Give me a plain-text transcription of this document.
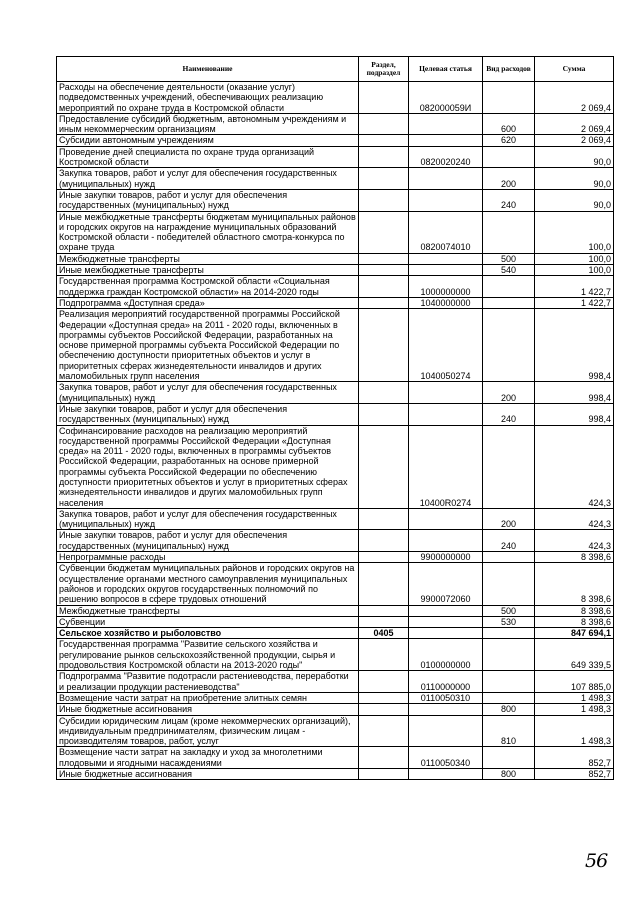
Наименование	Раздел, подраздел	Целевая статья	Вид расходов	Сумма
Расходы на обеспечение деятельности (оказание услуг) подведомственных учреждений, обеспечивающих реализацию мероприятий по охране труда в Костромской области		082000059И		2 069,4
Предоставление субсидий бюджетным, автономным учреждениям и иным некоммерческим организациям			600	2 069,4
Субсидии автономным учреждениям			620	2 069,4
Проведение дней специалиста по охране труда организаций Костромской области		0820020240		90,0
Закупка товаров, работ и услуг для обеспечения государственных (муниципальных) нужд			200	90,0
Иные закупки товаров, работ и услуг для обеспечения государственных (муниципальных) нужд			240	90,0
Иные межбюджетные трансферты бюджетам муниципальных районов и городских округов на награждение муниципальных образований Костромской области - победителей областного смотра-конкурса по охране труда		0820074010		100,0
Межбюджетные трансферты			500	100,0
Иные межбюджетные трансферты			540	100,0
Государственная программа Костромской области «Социальная поддержка граждан Костромской области» на 2014-2020 годы		1000000000		1 422,7
Подпрограмма «Доступная среда»		1040000000		1 422,7
Реализация мероприятий государственной программы Российской Федерации «Доступная среда» на 2011 - 2020 годы, включенных в программы субъектов Российской Федерации, разработанных на основе примерной программы субъекта Российской Федерации по обеспечению доступности приоритетных объектов и услуг в приоритетных сферах жизнедеятельности инвалидов и других маломобильных групп населения		1040050274		998,4
Закупка товаров, работ и услуг для обеспечения государственных (муниципальных) нужд			200	998,4
Иные закупки товаров, работ и услуг для обеспечения государственных (муниципальных) нужд			240	998,4
Софинансирование расходов на реализацию мероприятий государственной программы Российской Федерации «Доступная среда» на 2011 - 2020 годы, включенных в программы субъектов Российской Федерации, разработанных на основе примерной программы субъекта Российской Федерации по обеспечению доступности приоритетных объектов и услуг в приоритетных сферах жизнедеятельности инвалидов и других маломобильных групп населения		10400R0274		424,3
Закупка товаров, работ и услуг для обеспечения государственных (муниципальных) нужд			200	424,3
Иные закупки товаров, работ и услуг для обеспечения государственных (муниципальных) нужд			240	424,3
Непрограммные расходы		9900000000		8 398,6
Субвенции бюджетам муниципальных районов и городских округов на осуществление органами местного самоуправления муниципальных районов и городских округов государственных полномочий по решению вопросов в сфере трудовых отношений		9900072060		8 398,6
Межбюджетные трансферты			500	8 398,6
Субвенции			530	8 398,6
Сельское хозяйство и рыболовство	0405			847 694,1
Государственная программа "Развитие сельского хозяйства и регулирование рынков сельскохозяйственной продукции, сырья и продовольствия Костромской области на 2013-2020 годы"		0100000000		649 339,5
Подпрограмма "Развитие подотрасли растениеводства, переработки и реализации продукции растениеводства"		0110000000		107 885,0
Возмещение части затрат на приобретение элитных семян		0110050310		1 498,3
Иные бюджетные ассигнования			800	1 498,3
Субсидии юридическим лицам (кроме некоммерческих организаций), индивидуальным предпринимателям, физическим лицам - производителям товаров, работ, услуг			810	1 498,3
Возмещение части затрат на закладку и уход за многолетними плодовыми и ягодными насаждениями		0110050340		852,7
Иные бюджетные ассигнования			800	852,7
56
